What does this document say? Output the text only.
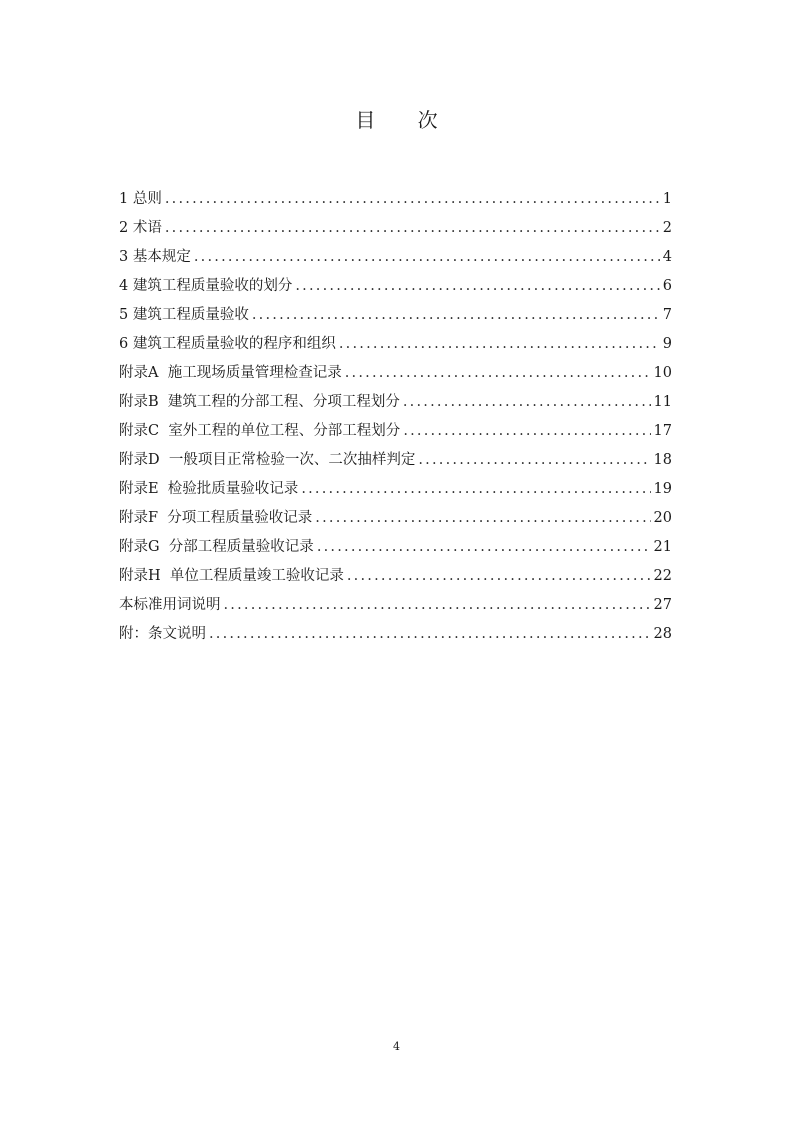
目 次
1 总则 .....	1
2 术语 .....	2
3 基本规定 .....	4
4 建筑工程质量验收的划分 .....	6
5 建筑工程质量验收 .....	7
6 建筑工程质量验收的程序和组织 .....	9
附录A  施工现场质量管理检查记录 .....	10
附录B  建筑工程的分部工程、分项工程划分 .....	11
附录C  室外工程的单位工程、分部工程划分 .....	17
附录D  一般项目正常检验一次、二次抽样判定 .....	18
附录E  检验批质量验收记录 .....	19
附录F  分项工程质量验收记录 .....	20
附录G  分部工程质量验收记录 .....	21
附录H  单位工程质量竣工验收记录 .....	22
本标准用词说明 .....	27
附：条文说明 .....	28
4
